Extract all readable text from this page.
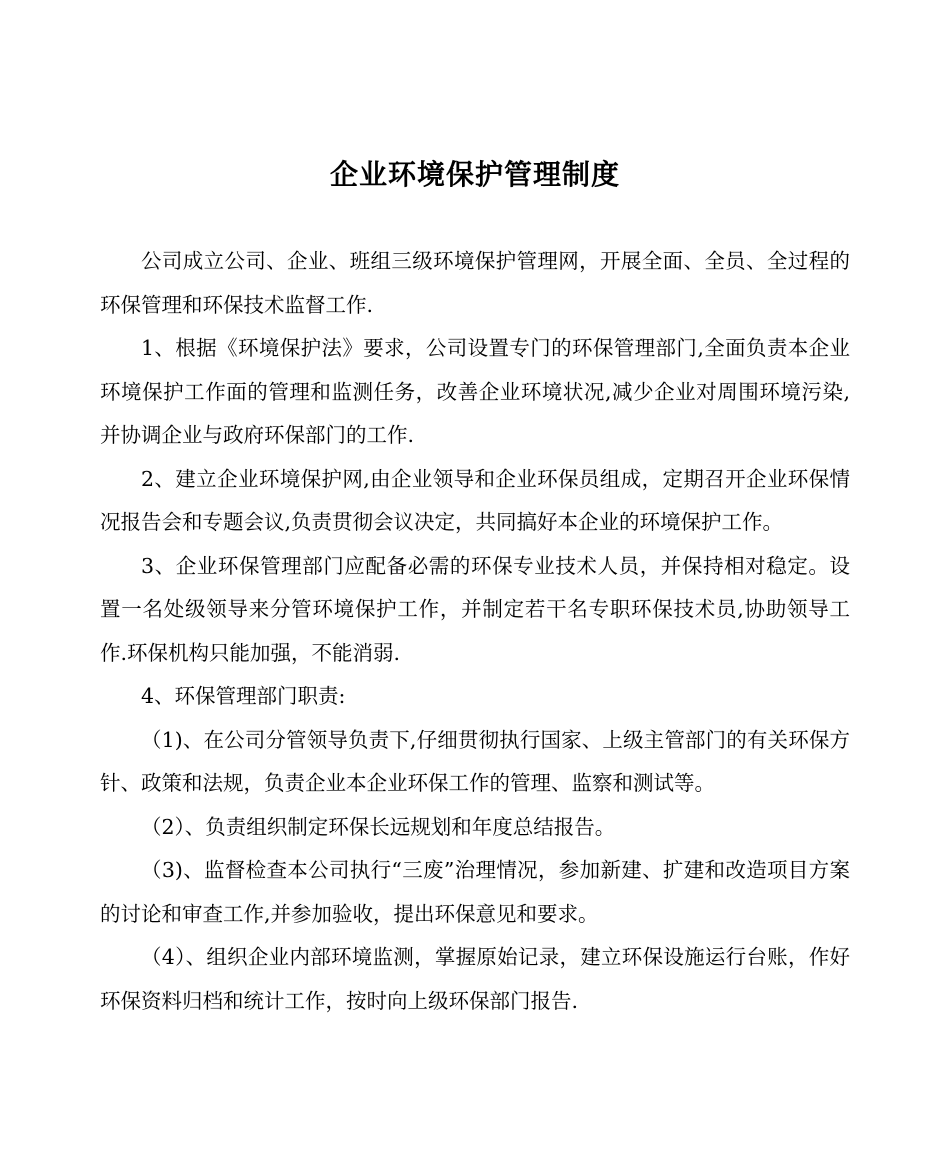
企业环境保护管理制度

公司成立公司、企业、班组三级环境保护管理网，开展全面、全员、全过程的环保管理和环保技术监督工作.

1、根据《环境保护法》要求，公司设置专门的环保管理部门,全面负责本企业环境保护工作面的管理和监测任务，改善企业环境状况,减少企业对周围环境污染,并协调企业与政府环保部门的工作.

2、建立企业环境保护网,由企业领导和企业环保员组成，定期召开企业环保情况报告会和专题会议,负责贯彻会议决定，共同搞好本企业的环境保护工作。

3、企业环保管理部门应配备必需的环保专业技术人员，并保持相对稳定。设置一名处级领导来分管环境保护工作，并制定若干名专职环保技术员,协助领导工作.环保机构只能加强，不能消弱.

4、环保管理部门职责:

（1)、在公司分管领导负责下,仔细贯彻执行国家、上级主管部门的有关环保方针、政策和法规，负责企业本企业环保工作的管理、监察和测试等。

（2）、负责组织制定环保长远规划和年度总结报告。

（3)、监督检查本公司执行“三废”治理情况，参加新建、扩建和改造项目方案的讨论和审查工作,并参加验收，提出环保意见和要求。

（4）、组织企业内部环境监测，掌握原始记录，建立环保设施运行台账，作好环保资料归档和统计工作，按时向上级环保部门报告.
